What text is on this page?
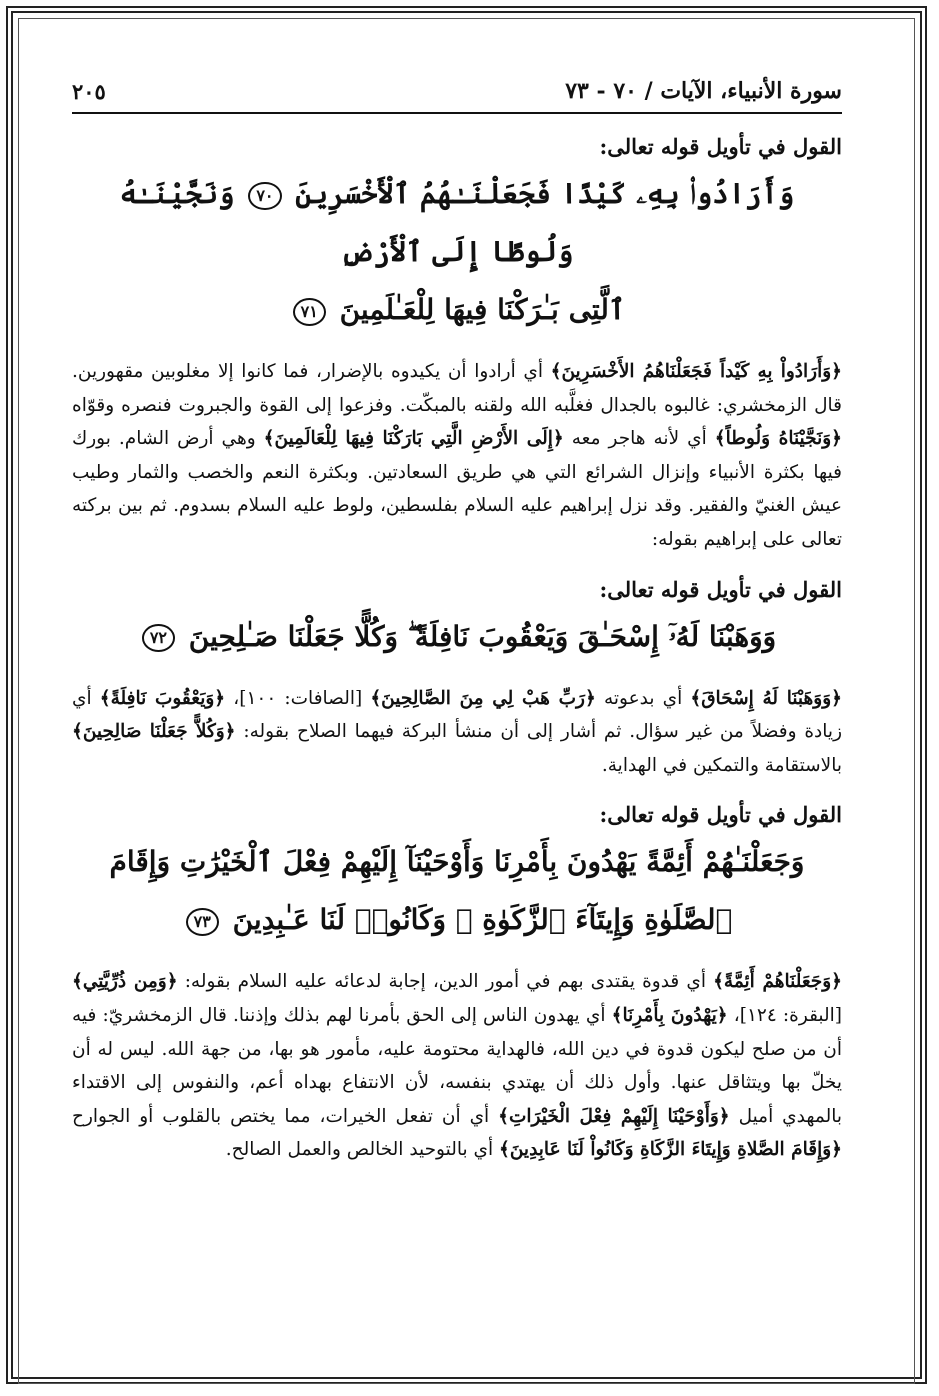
سورة الأنبياء، الآيات / ٧٠ - ٧٣
٢٠٥
القول في تأويل قوله تعالى:
وَأَرَادُوا۟ بِهِۦ كَيْدًا فَجَعَلْنَـٰهُمُ ٱلْأَخْسَرِينَ ٧٠ وَنَجَّيْنَـٰهُ وَلُوطًا إِلَى ٱلْأَرْضِ
ٱلَّتِى بَـٰرَكْنَا فِيهَا لِلْعَـٰلَمِينَ ٧١

﴿وَأَرَادُواْ بِهِ كَيْداً فَجَعَلْنَاهُمُ الأَخْسَرِينَ﴾ أي أرادوا أن يكيدوه بالإضرار، فما كانوا إلا مغلوبين مقهورين. قال الزمخشري: غالبوه بالجدال فغلَّبه الله ولقنه بالمبكّت. وفزعوا إلى القوة والجبروت فنصره وقوّاه ﴿وَنَجَّيْنَاهُ وَلُوطاً﴾ أي لأنه هاجر معه ﴿إِلَى الأَرْضِ الَّتِي بَارَكْنَا فِيهَا لِلْعَالَمِينَ﴾ وهي أرض الشام. بورك فيها بكثرة الأنبياء وإنزال الشرائع التي هي طريق السعادتين. وبكثرة النعم والخصب والثمار وطيب عيش الغنيّ والفقير. وقد نزل إبراهيم عليه السلام بفلسطين، ولوط عليه السلام بسدوم. ثم بين بركته تعالى على إبراهيم بقوله:

القول في تأويل قوله تعالى:
وَوَهَبْنَا لَهُۥٓ إِسْحَـٰقَ وَيَعْقُوبَ نَافِلَةً ۖ وَكُلًّا جَعَلْنَا صَـٰلِحِينَ ٧٢

﴿وَوَهَبْنَا لَهُ إِسْحَاقَ﴾ أي بدعوته ﴿رَبِّ هَبْ لِي مِنَ الصَّالِحِينَ﴾ [الصافات: ١٠٠]، ﴿وَيَعْقُوبَ نَافِلَةً﴾ أي زيادة وفضلاً من غير سؤال. ثم أشار إلى أن منشأ البركة فيهما الصلاح بقوله: ﴿وَكُلاًّ جَعَلْنَا صَالِحِينَ﴾ بالاستقامة والتمكين في الهداية.

القول في تأويل قوله تعالى:
وَجَعَلْنَـٰهُمْ أَئِمَّةً يَهْدُونَ بِأَمْرِنَا وَأَوْحَيْنَآ إِلَيْهِمْ فِعْلَ ٱلْخَيْرَٰتِ وَإِقَامَ
ٱلصَّلَوٰةِ وَإِيتَآءَ ٱلزَّكَوٰةِ ۖ وَكَانُوا۟ لَنَا عَـٰبِدِينَ ٧٣

﴿وَجَعَلْنَاهُمْ أَئِمَّةً﴾ أي قدوة يقتدى بهم في أمور الدين، إجابة لدعائه عليه السلام بقوله: ﴿وَمِن ذُرِّيَّتِي﴾ [البقرة: ١٢٤]، ﴿يَهْدُونَ بِأَمْرِنَا﴾ أي يهدون الناس إلى الحق بأمرنا لهم بذلك وإذننا. قال الزمخشريّ: فيه أن من صلح ليكون قدوة في دين الله، فالهداية محتومة عليه، مأمور هو بها، من جهة الله. ليس له أن يخلّ بها ويتثاقل عنها. وأول ذلك أن يهتدي بنفسه، لأن الانتفاع بهداه أعم، والنفوس إلى الاقتداء بالمهدي أميل ﴿وَأَوْحَيْنَا إِلَيْهِمْ فِعْلَ الْخَيْرَاتِ﴾ أي أن تفعل الخيرات، مما يختص بالقلوب أو الجوارح ﴿وَإِقَامَ الصَّلاةِ وَإِيتَاءَ الزَّكَاةِ وَكَانُواْ لَنَا عَابِدِينَ﴾ أي بالتوحيد الخالص والعمل الصالح.
